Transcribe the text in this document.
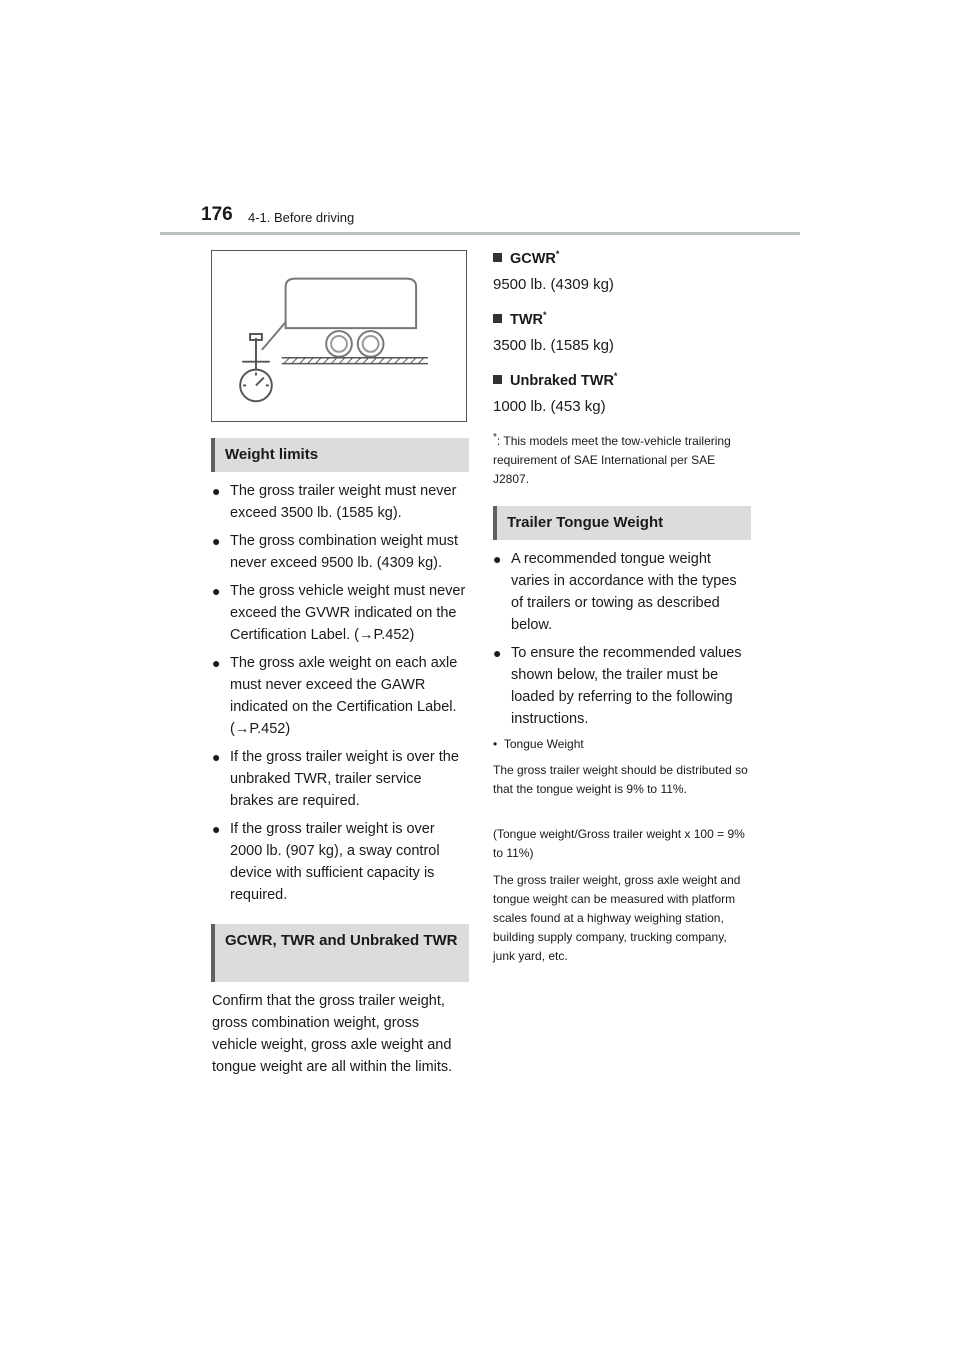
176 4-1. Before driving
Weight limits
● The gross trailer weight must never exceed 3500 lb. (1585 kg).
● The gross combination weight must never exceed 9500 lb. (4309 kg).
● The gross vehicle weight must never exceed the GVWR indicated on the Certification Label. (→P.452)
● The gross axle weight on each axle must never exceed the GAWR indicated on the Certification Label. (→P.452)
● If the gross trailer weight is over the unbraked TWR, trailer service brakes are required.
● If the gross trailer weight is over 2000 lb. (907 kg), a sway control device with sufficient capacity is required.
GCWR, TWR and Unbraked TWR

Confirm that the gross trailer weight, gross combination weight, gross vehicle weight, gross axle weight and tongue weight are all within the limits.

GCWR*
9500 lb. (4309 kg)
TWR*
3500 lb. (1585 kg)
Unbraked TWR*
1000 lb. (453 kg)
*: This models meet the tow-vehicle trailering requirement of SAE International per SAE J2807.
Trailer Tongue Weight
● A recommended tongue weight varies in accordance with the types of trailers or towing as described below.
● To ensure the recommended values shown below, the trailer must be loaded by referring to the following instructions.
•  Tongue Weight

The gross trailer weight should be distributed so that the tongue weight is 9% to 11%.

(Tongue weight/Gross trailer weight x 100 = 9% to 11%)

The gross trailer weight, gross axle weight and tongue weight can be measured with platform scales found at a highway weighing station, building supply company, trucking company, junk yard, etc.
